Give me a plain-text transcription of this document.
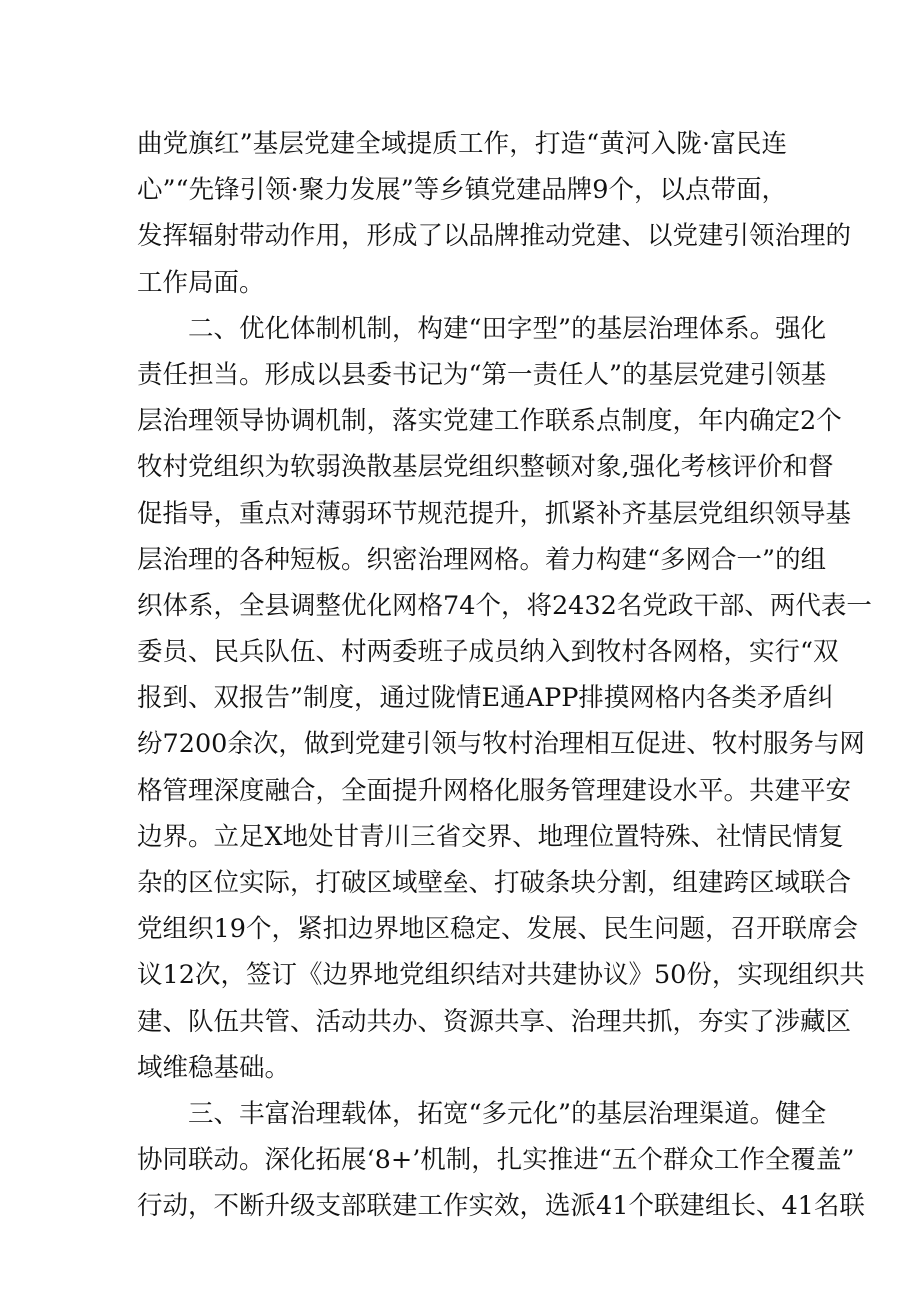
曲党旗红”基层党建全域提质工作，打造“黄河入陇·富民连
心”“先锋引领·聚力发展”等乡镇党建品牌9个，以点带面，
发挥辐射带动作用，形成了以品牌推动党建、以党建引领治理的
工作局面。
二、优化体制机制，构建“田字型”的基层治理体系。强化
责任担当。形成以县委书记为“第一责任人”的基层党建引领基
层治理领导协调机制，落实党建工作联系点制度，年内确定2个
牧村党组织为软弱涣散基层党组织整顿对象,强化考核评价和督
促指导，重点对薄弱环节规范提升，抓紧补齐基层党组织领导基
层治理的各种短板。织密治理网格。着力构建“多网合一”的组
织体系，全县调整优化网格74个，将2432名党政干部、两代表一
委员、民兵队伍、村两委班子成员纳入到牧村各网格，实行“双
报到、双报告”制度，通过陇情E通APP排摸网格内各类矛盾纠
纷7200余次，做到党建引领与牧村治理相互促进、牧村服务与网
格管理深度融合，全面提升网格化服务管理建设水平。共建平安
边界。立足X地处甘青川三省交界、地理位置特殊、社情民情复
杂的区位实际，打破区域壁垒、打破条块分割，组建跨区域联合
党组织19个，紧扣边界地区稳定、发展、民生问题，召开联席会
议12次，签订《边界地党组织结对共建协议》50份，实现组织共
建、队伍共管、活动共办、资源共享、治理共抓，夯实了涉藏区
域维稳基础。
三、丰富治理载体，拓宽“多元化”的基层治理渠道。健全
协同联动。深化拓展‘8+’机制，扎实推进“五个群众工作全覆盖”
行动，不断升级支部联建工作实效，选派41个联建组长、41名联
